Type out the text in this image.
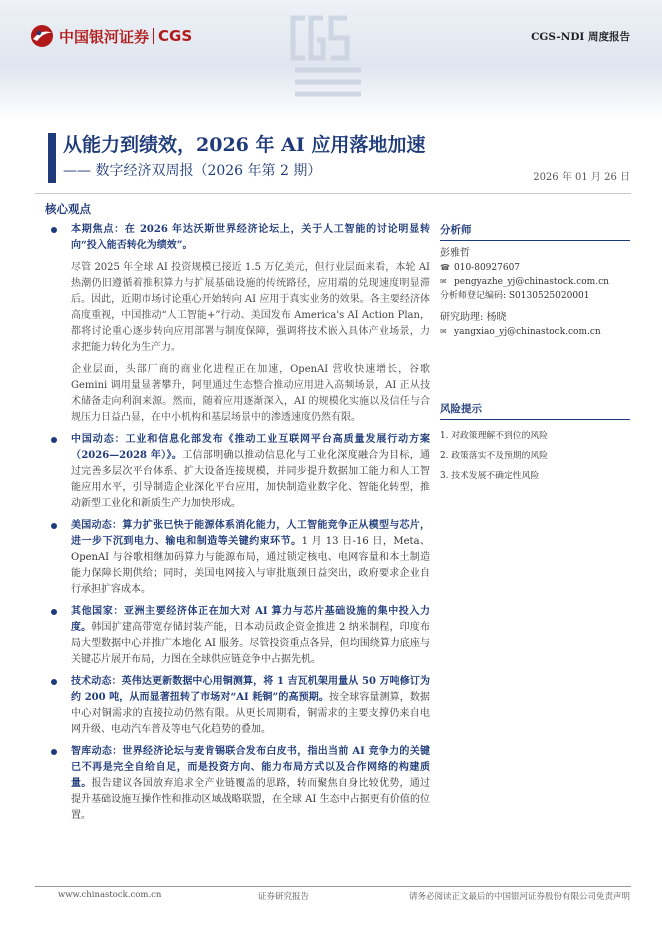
中国银河证券 CGS	CGS-NDI 周度报告
从能力到绩效，2026 年 AI 应用落地加速
—— 数字经济双周报（2026 年第 2 期）	2026 年 01 月 26 日
核心观点
本期焦点：在 2026 年达沃斯世界经济论坛上，关于人工智能的讨论明显转向“投入能否转化为绩效”。
尽管 2025 年全球 AI 投资规模已接近 1.5 万亿美元，但行业层面来看，本轮 AI 热潮仍旧遵循着推积算力与扩展基础设施的传统路径，应用端的兑现速度明显滞后。因此，近期市场讨论重心开始转向 AI 应用于真实业务的效果。各主要经济体高度重视，中国推动“人工智能+”行动、美国发布 America's AI Action Plan，都将讨论重心逐步转向应用部署与制度保障，强调将技术嵌入具体产业场景，力求把能力转化为生产力。
企业层面，头部厂商的商业化进程正在加速，OpenAI 营收快速增长，谷歌 Gemini 调用量显著攀升，阿里通过生态整合推动应用进入高频场景，AI 正从技术储备走向利润来源。然而，随着应用逐渐深入，AI 的规模化实施以及信任与合规压力日益凸显，在中小机构和基层场景中的渗透速度仍然有限。
中国动态：工业和信息化部发布《推动工业互联网平台高质量发展行动方案（2026—2028 年）》。工信部明确以推动信息化与工业化深度融合为目标，通过完善多层次平台体系、扩大设备连接规模，并同步提升数据加工能力和人工智能应用水平，引导制造企业深化平台应用，加快制造业数字化、智能化转型，推动新型工业化和新质生产力加快形成。
美国动态：算力扩张已快于能源体系消化能力，人工智能竞争正从模型与芯片，进一步下沉到电力、输电和制造等关键约束环节。1 月 13 日-16 日，Meta、OpenAI 与谷歌相继加码算力与能源布局，通过锁定核电、电网容量和本土制造能力保障长期供给；同时，美国电网接入与审批瓶颈日益突出，政府要求企业自行承担扩容成本。
其他国家：亚洲主要经济体正在加大对 AI 算力与芯片基础设施的集中投入力度。韩国扩建高带宽存储封装产能，日本动员政企资金推进 2 纳米制程，印度布局大型数据中心并推广本地化 AI 服务。尽管投资重点各异，但均围绕算力底座与关键芯片展开布局，力图在全球供应链竞争中占据先机。
技术动态：英伟达更新数据中心用铜测算，将 1 吉瓦机架用量从 50 万吨修订为约 200 吨，从而显著扭转了市场对“AI 耗铜”的高预期。按全球容量测算，数据中心对铜需求的直接拉动仍然有限。从更长周期看，铜需求的主要支撑仍来自电网升级、电动汽车普及等电气化趋势的叠加。
智库动态：世界经济论坛与麦肯锡联合发布白皮书，指出当前 AI 竞争力的关键已不再是完全自给自足，而是投资方向、能力布局方式以及合作网络的构建质量。报告建议各国放弃追求全产业链覆盖的思路，转而聚焦自身比较优势，通过提升基础设施互操作性和推动区域战略联盟，在全球 AI 生态中占据更有价值的位置。
分析师
彭雅哲
☎ 010-80927607
✉ pengyazhe_yj@chinastock.com.cn
分析师登记编码: S0130525020001
研究助理: 杨晓
✉ yangxiao_yj@chinastock.com.cn
风险提示
1. 对政策理解不到位的风险
2. 政策落实不及预期的风险
3. 技术发展不确定性风险
www.chinastock.com.cn	证券研究报告	请务必阅读正文最后的中国银河证券股份有限公司免责声明
